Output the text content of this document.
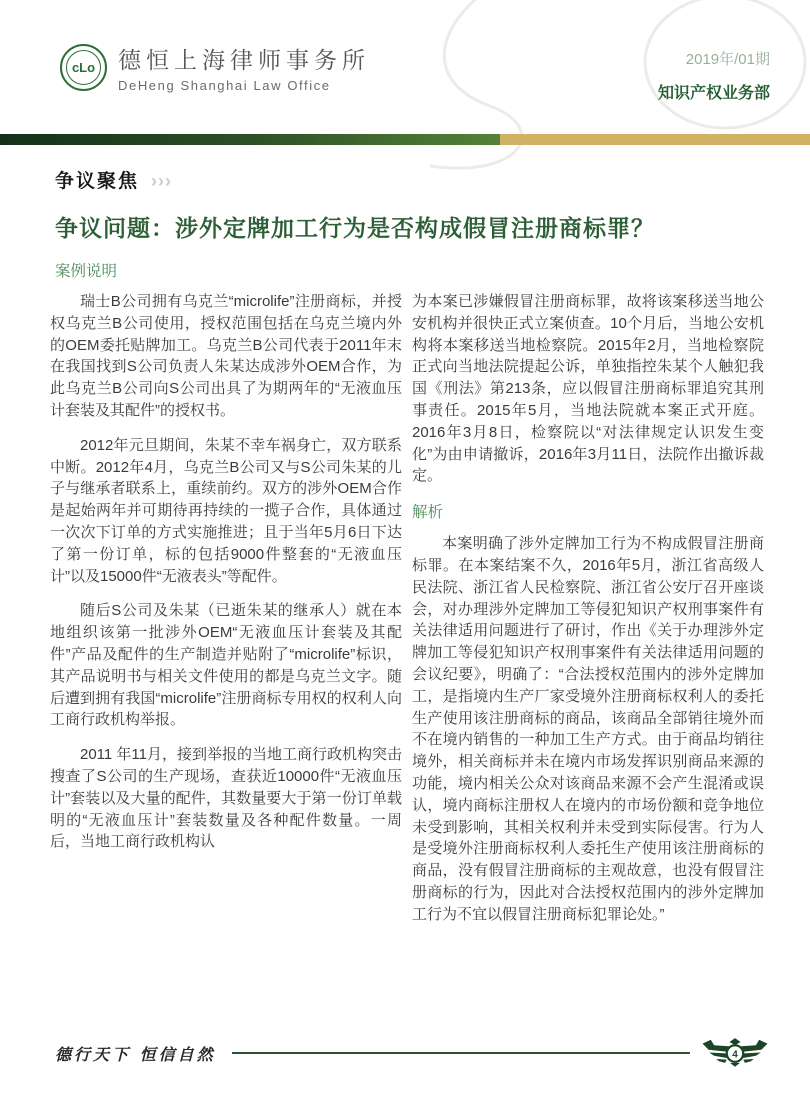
cLo 德恒上海律师事务所
DeHeng Shanghai Law Office
2019年/01期
知识产权业务部
争议聚焦 ›››
争议问题：涉外定牌加工行为是否构成假冒注册商标罪？
案例说明

瑞士B公司拥有乌克兰“microlife”注册商标，并授权乌克兰B公司使用，授权范围包括在乌克兰境内外的OEM委托贴牌加工。乌克兰B公司代表于2011年末在我国找到S公司负责人朱某达成涉外OEM合作，为此乌克兰B公司向S公司出具了为期两年的“无液血压计套装及其配件”的授权书。

2012年元旦期间，朱某不幸车祸身亡，双方联系中断。2012年4月，乌克兰B公司又与S公司朱某的儿子与继承者联系上，重续前约。双方的涉外OEM合作是起始两年并可期待再持续的一揽子合作，具体通过一次次下订单的方式实施推进；且于当年5月6日下达了第一份订单，标的包括9000件整套的“无液血压计”以及15000件“无液表头”等配件。

随后S公司及朱某（已逝朱某的继承人）就在本地组织该第一批涉外OEM“无液血压计套装及其配件”产品及配件的生产制造并贴附了“microlife”标识，其产品说明书与相关文件使用的都是乌克兰文字。随后遭到拥有我国“microlife”注册商标专用权的权利人向工商行政机构举报。

2011 年11月，接到举报的当地工商行政机构突击搜查了S公司的生产现场，查获近10000件“无液血压计”套装以及大量的配件，其数量要大于第一份订单载明的“无液血压计”套装数量及各种配件数量。一周后，当地工商行政机构认

为本案已涉嫌假冒注册商标罪，故将该案移送当地公安机构并很快正式立案侦查。10个月后，当地公安机构将本案移送当地检察院。2015年2月，当地检察院正式向当地法院提起公诉，单独指控朱某个人触犯我国《刑法》第213条，应以假冒注册商标罪追究其刑事责任。2015年5月，当地法院就本案正式开庭。2016年3月8日，检察院以“对法律规定认识发生变化”为由申请撤诉，2016年3月11日，法院作出撤诉裁定。

解析

本案明确了涉外定牌加工行为不构成假冒注册商标罪。在本案结案不久，2016年5月，浙江省高级人民法院、浙江省人民检察院、浙江省公安厅召开座谈会，对办理涉外定牌加工等侵犯知识产权刑事案件有关法律适用问题进行了研讨，作出《关于办理涉外定牌加工等侵犯知识产权刑事案件有关法律适用问题的会议纪要》，明确了：“合法授权范围内的涉外定牌加工，是指境内生产厂家受境外注册商标权利人的委托生产使用该注册商标的商品，该商品全部销往境外而不在境内销售的一种加工生产方式。由于商品均销往境外，相关商标并未在境内市场发挥识别商品来源的功能，境内相关公众对该商品来源不会产生混淆或误认，境内商标注册权人在境内的市场份额和竞争地位未受到影响，其相关权利并未受到实际侵害。行为人是受境外注册商标权利人委托生产使用该注册商标的商品，没有假冒注册商标的主观故意，也没有假冒注册商标的行为，因此对合法授权范围内的涉外定牌加工行为不宜以假冒注册商标犯罪论处。”

德行天下 恒信自然	4
